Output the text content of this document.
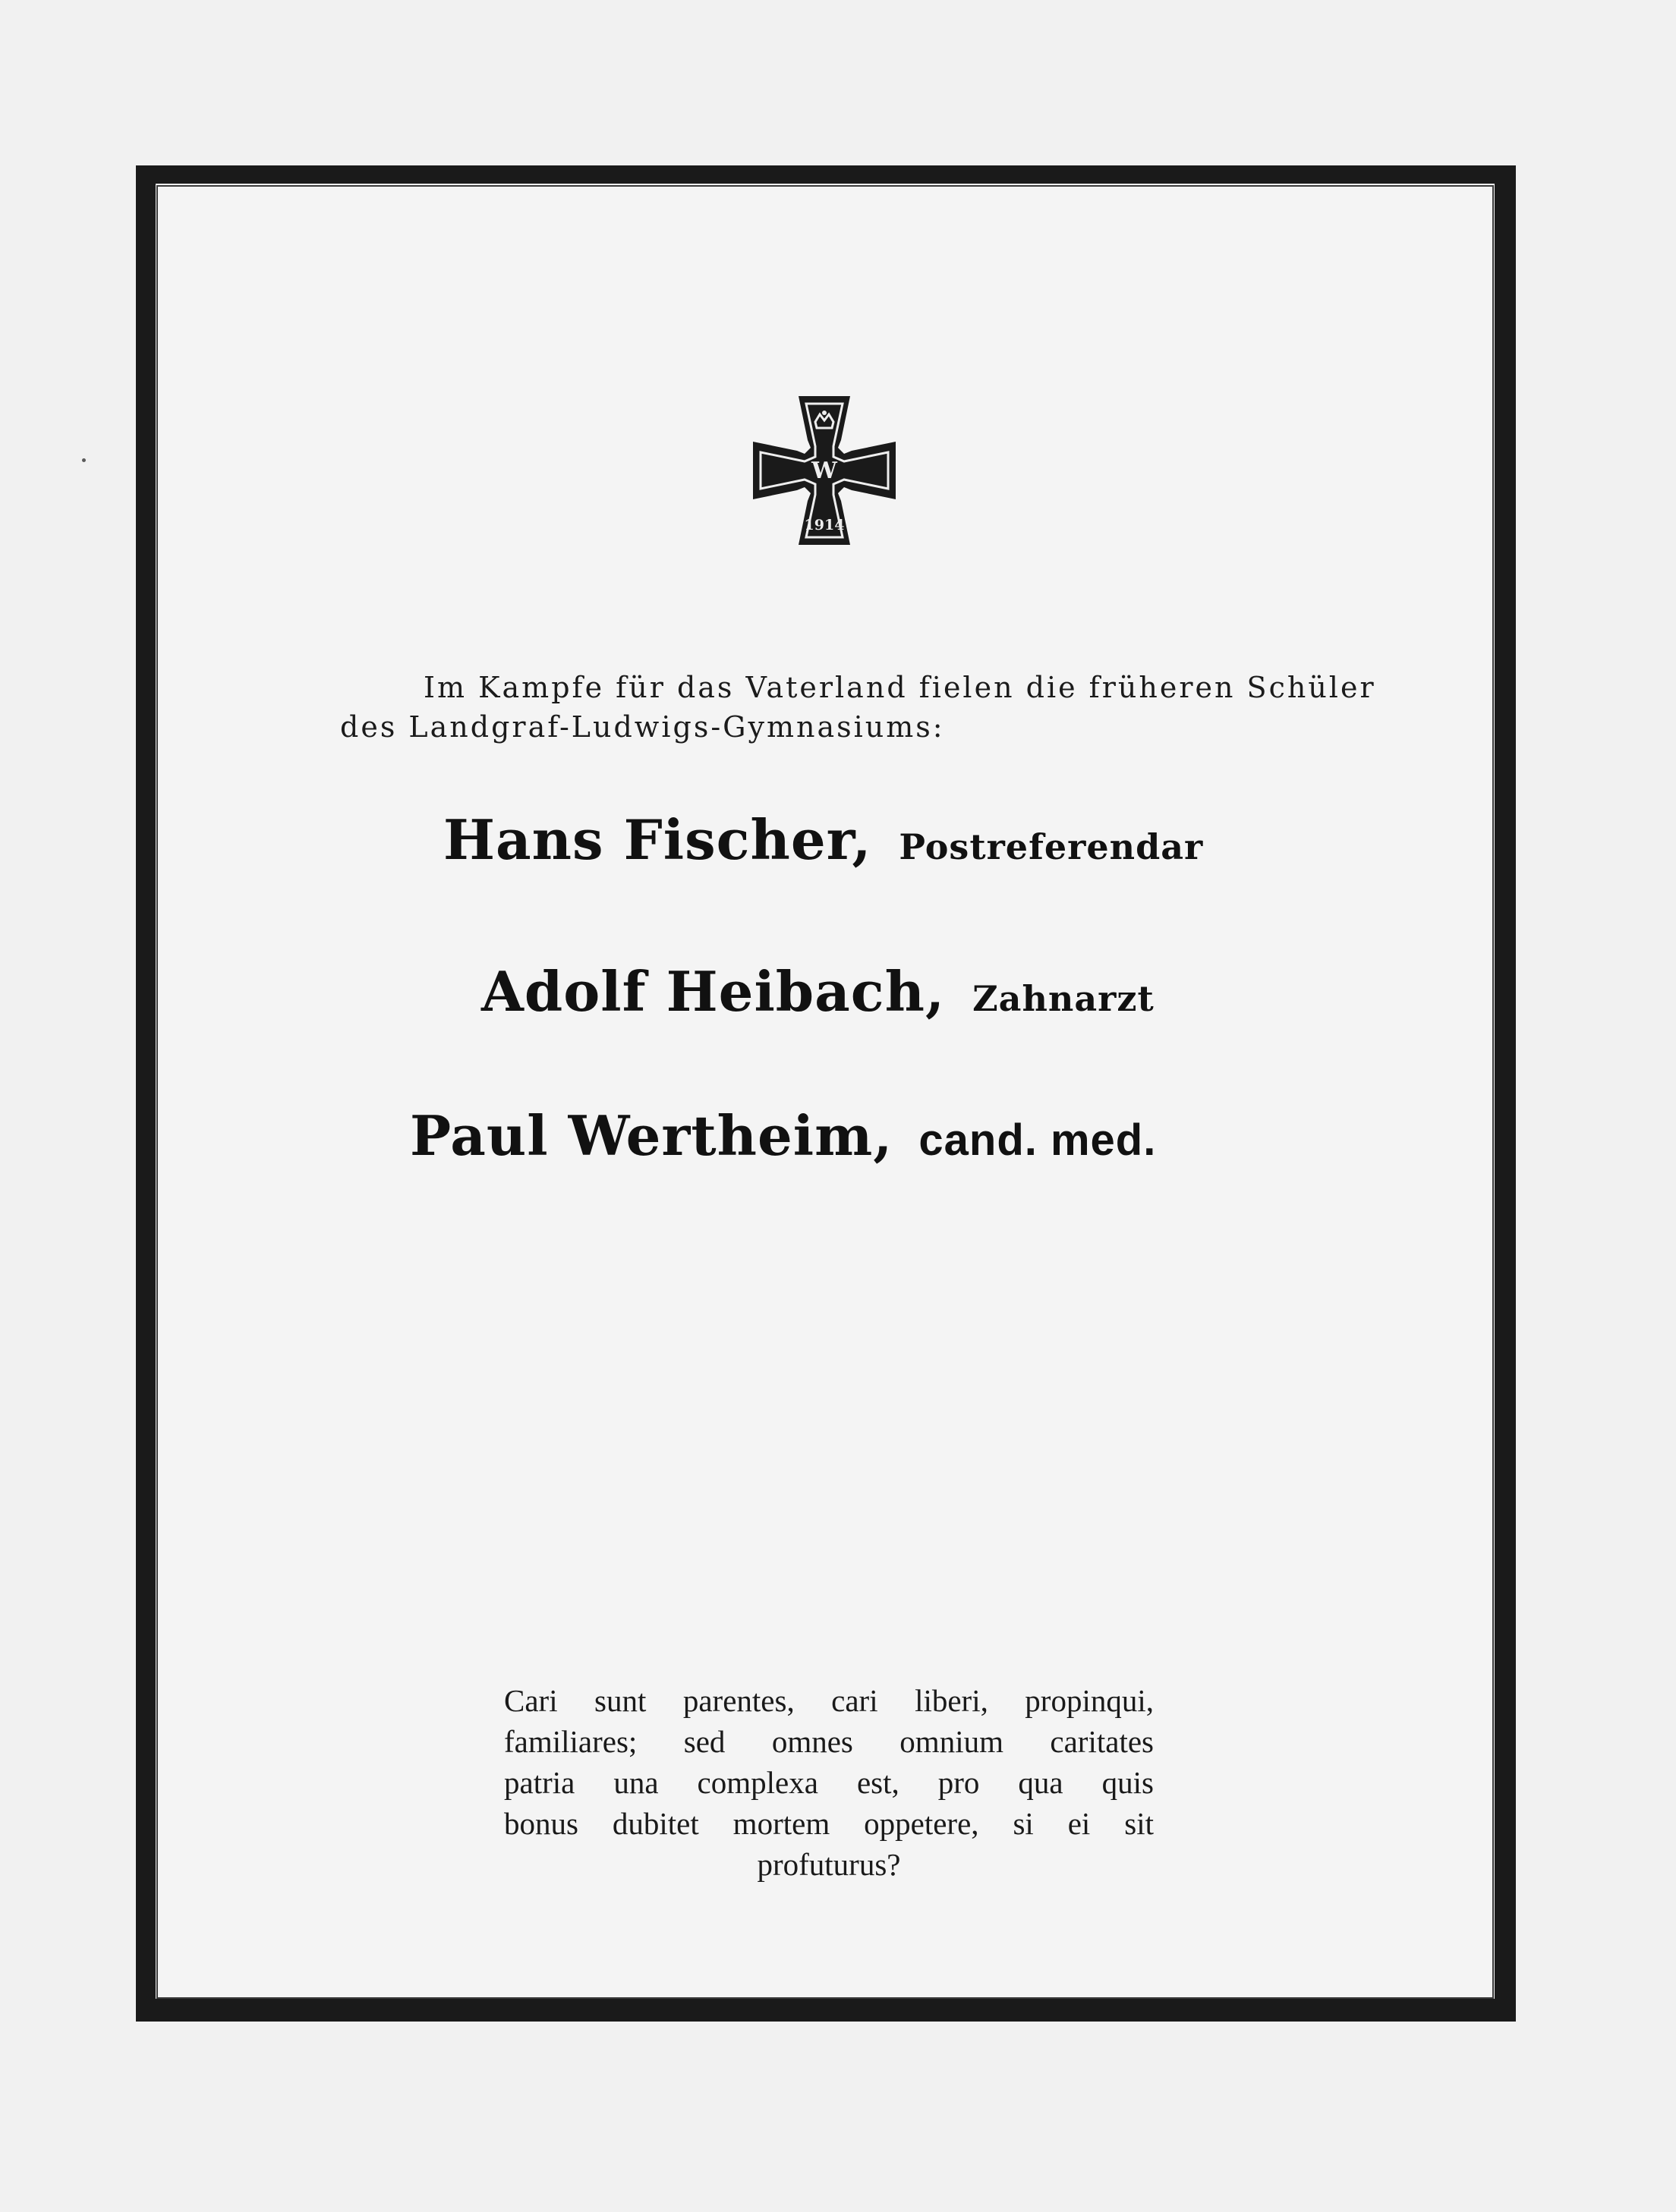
W
1914
Im Kampfe für das Vaterland fielen die früheren Schüler
des Landgraf-Ludwigs-Gymnasiums:
Hans Fischer, Postreferendar
Adolf Heibach, Zahnarzt
Paul Wertheim, cand. med.
Cari sunt parentes, cari liberi, propinqui,
familiares; sed omnes omnium caritates
patria una complexa est, pro qua quis
bonus dubitet mortem oppetere, si ei sit
profuturus?
